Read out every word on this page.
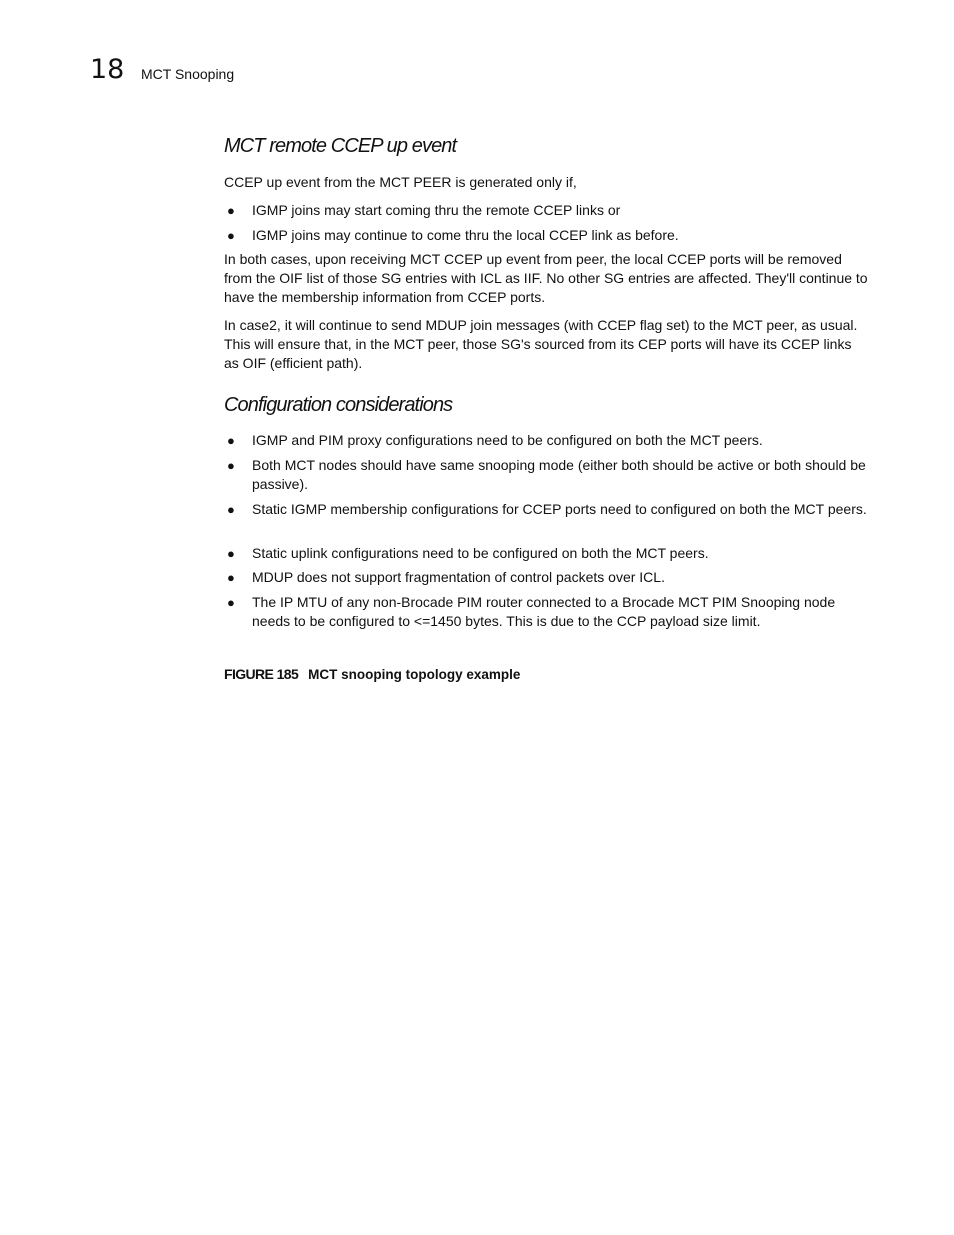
18 MCT Snooping
MCT remote CCEP up event

CCEP up event from the MCT PEER is generated only if,

● IGMP joins may start coming thru the remote CCEP links or
● IGMP joins may continue to come thru the local CCEP link as before.

In both cases, upon receiving MCT CCEP up event from peer, the local CCEP ports will be removed from the OIF list of those SG entries with ICL as IIF. No other SG entries are affected. They'll continue to have the membership information from CCEP ports.

In case2, it will continue to send MDUP join messages (with CCEP flag set) to the MCT peer, as usual. This will ensure that, in the MCT peer, those SG's sourced from its CEP ports will have its CCEP links as OIF (efficient path).

Configuration considerations
● IGMP and PIM proxy configurations need to be configured on both the MCT peers.
● Both MCT nodes should have same snooping mode (either both should be active or both should be passive).
● Static IGMP membership configurations for CCEP ports need to configured on both the MCT peers.
● Static uplink configurations need to be configured on both the MCT peers.
● MDUP does not support fragmentation of control packets over ICL.
● The IP MTU of any non-Brocade PIM router connected to a Brocade MCT PIM Snooping node needs to be configured to <=1450 bytes. This is due to the CCP payload size limit.
FIGURE 185 MCT snooping topology example
